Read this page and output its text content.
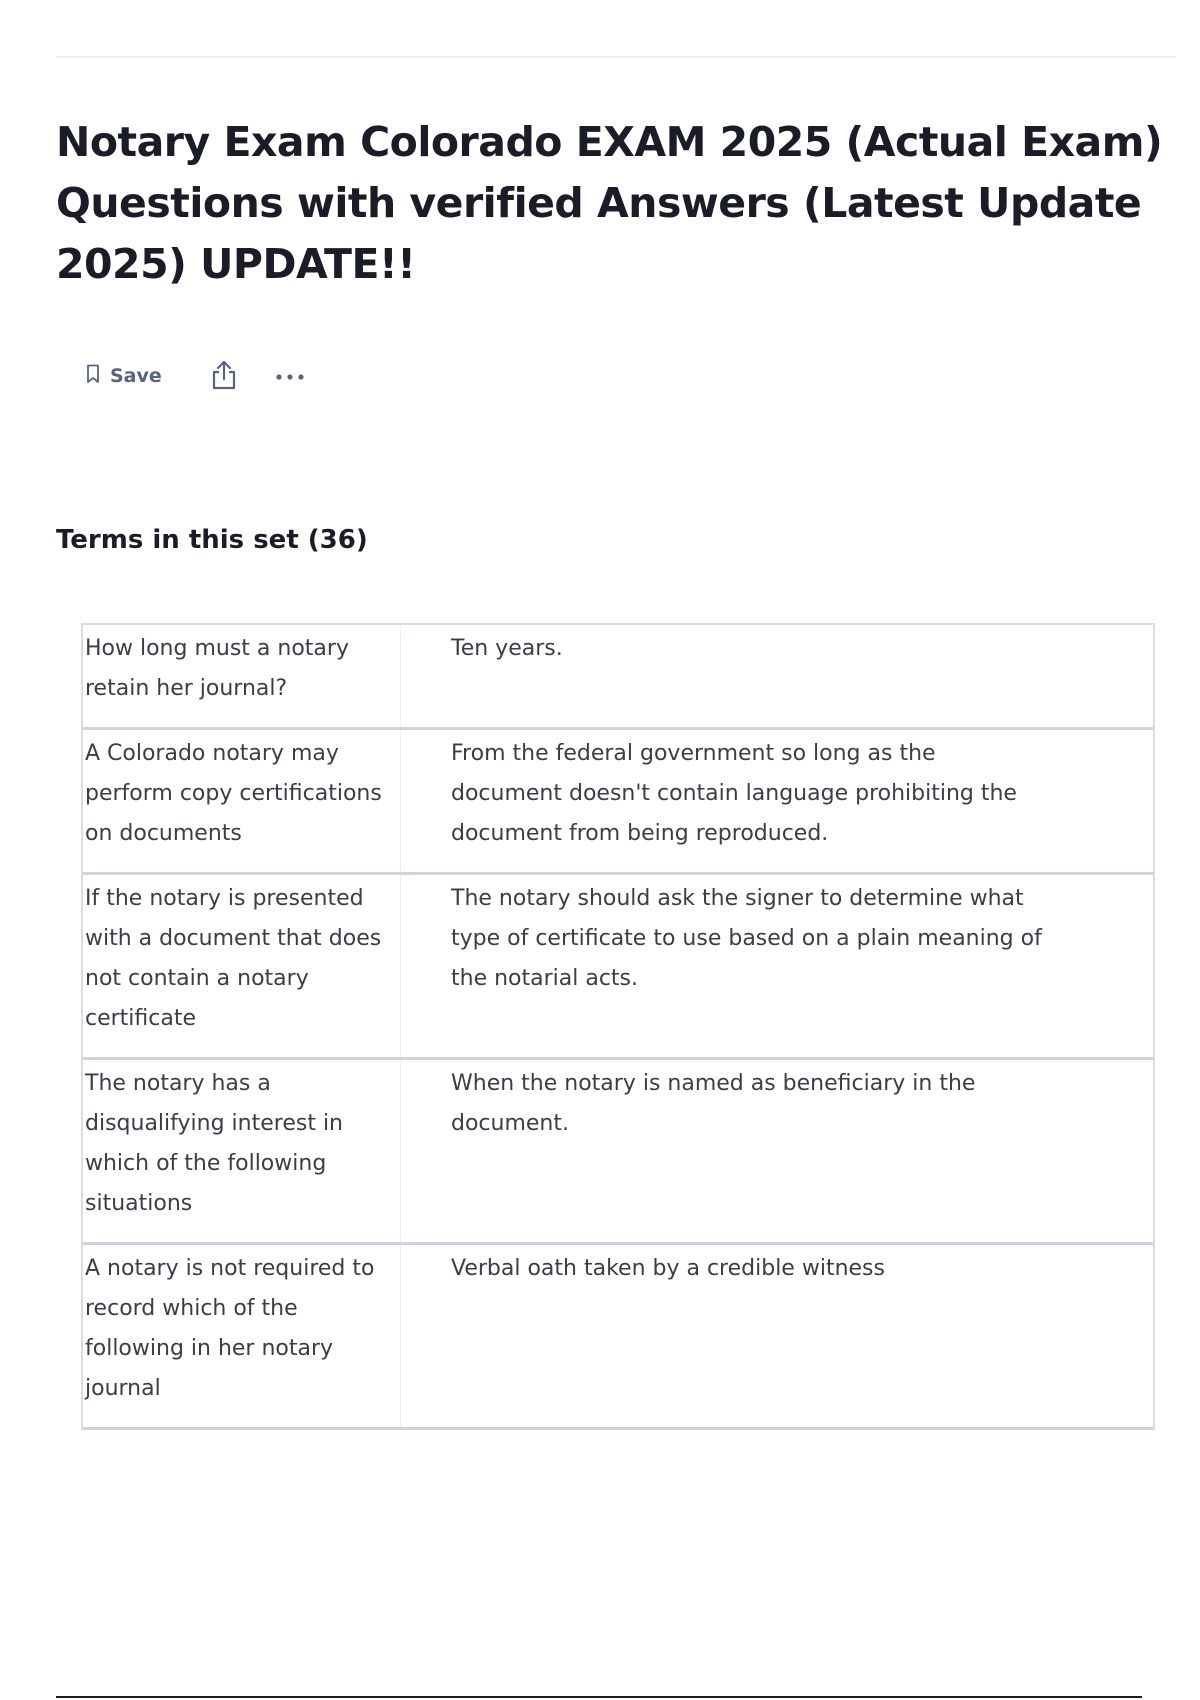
Notary Exam Colorado EXAM 2025 (Actual Exam) Questions with verified Answers (Latest Update 2025) UPDATE!!
Save
Terms in this set (36)
How long must a notary retain her journal?
Ten years.
A Colorado notary may perform copy certifications on documents
From the federal government so long as the document doesn't contain language prohibiting the document from being reproduced.
If the notary is presented with a document that does not contain a notary certificate
The notary should ask the signer to determine what type of certificate to use based on a plain meaning of the notarial acts.
The notary has a disqualifying interest in which of the following situations
When the notary is named as beneficiary in the document.
A notary is not required to record which of the following in her notary journal
Verbal oath taken by a credible witness
